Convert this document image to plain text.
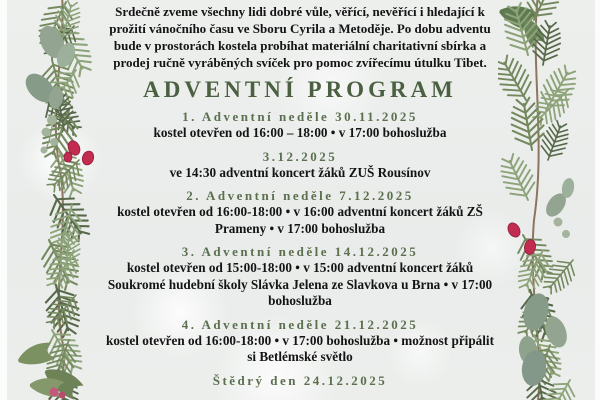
Srdečně zveme všechny lidi dobré vůle, věřící, nevěřící i hledající k prožití vánočního času ve Sboru Cyrila a Metoděje. Po dobu adventu bude v prostorách kostela probíhat materiální charitativní sbírka a prodej ručně vyráběných svíček pro pomoc zvířecímu útulku Tibet.

ADVENTNÍ PROGRAM
1. Adventní neděle 30.11.2025
kostel otevřen od 16:00 – 18:00 • v 17:00 bohoslužba
3.12.2025
ve 14:30 adventní koncert žáků ZUŠ Rousínov
2. Adventní neděle 7.12.2025
kostel otevřen od 16:00-18:00 • v 16:00 adventní koncert žáků ZŠ Prameny • v 17:00 bohoslužba
3. Adventní neděle 14.12.2025
kostel otevřen od 15:00-18:00 • v 15:00 adventní koncert žáků Soukromé hudební školy Slávka Jelena ze Slavkova u Brna • v 17:00 bohoslužba
4. Adventní neděle 21.12.2025
kostel otevřen od 16:00-18:00 • v 17:00 bohoslužba • možnost připálit si Betlémské světlo
Štědrý den 24.12.2025
